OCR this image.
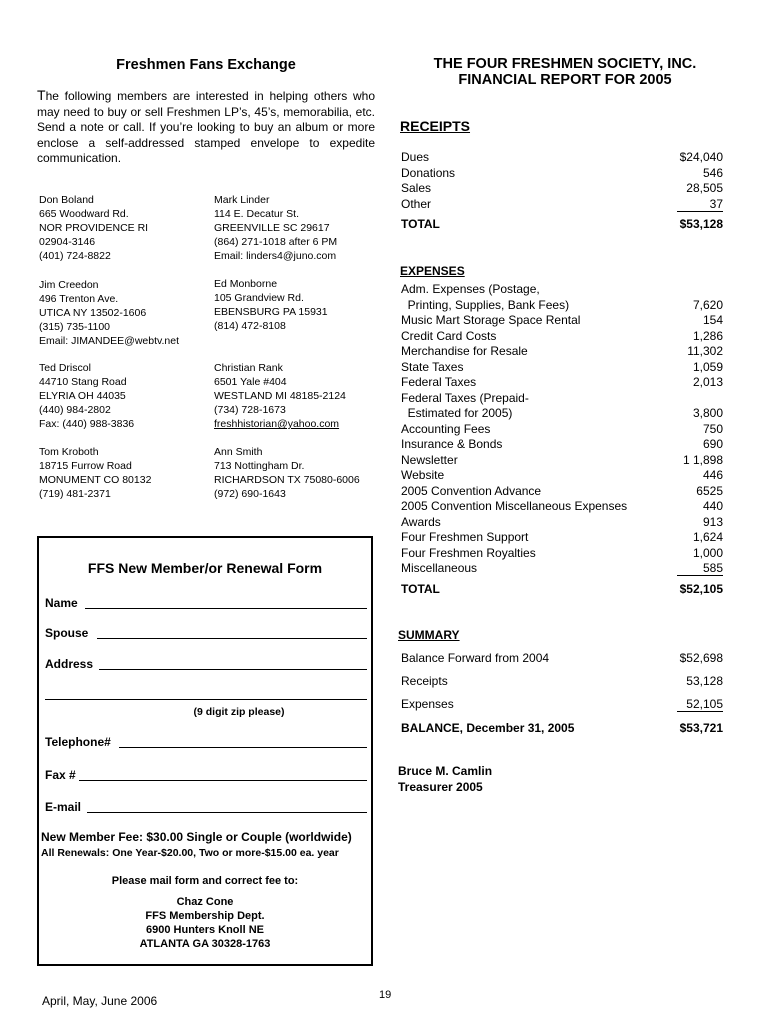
Freshmen Fans Exchange
The following members are interested in helping others who may need to buy or sell Freshmen LP’s, 45’s, memorabilia, etc. Send a note or call. If you’re looking to buy an album or more enclose a self-addressed stamped envelope to expedite communication.
Don Boland
665 Woodward Rd.
NOR PROVIDENCE RI
02904-3146
(401) 724-8822
Jim Creedon
496 Trenton Ave.
UTICA NY 13502-1606
(315) 735-1100
Email: JIMANDEE@webtv.net
Ted Driscol
44710 Stang Road
ELYRIA OH 44035
(440) 984-2802
Fax: (440) 988-3836
Tom Kroboth
18715 Furrow Road
MONUMENT CO 80132
(719) 481-2371
Mark Linder
114 E. Decatur St.
GREENVILLE SC 29617
(864) 271-1018 after 6 PM
Email: linders4@juno.com
Ed Monborne
105 Grandview Rd.
EBENSBURG PA 15931
(814) 472-8108
Christian Rank
6501 Yale #404
WESTLAND MI 48185-2124
(734) 728-1673
freshhistorian@yahoo.com
Ann Smith
713 Nottingham Dr.
RICHARDSON TX 75080-6006
(972) 690-1643
FFS New Member/or Renewal Form
Name
Spouse
Address
(9 digit zip please)
Telephone#
Fax #
E-mail
New Member Fee: $30.00 Single or Couple (worldwide)
All Renewals: One Year-$20.00, Two or more-$15.00 ea. year
Please mail form and correct fee to:
Chaz Cone
FFS Membership Dept.
6900 Hunters Knoll NE
ATLANTA GA 30328-1763
THE FOUR FRESHMEN SOCIETY, INC.
FINANCIAL REPORT FOR 2005
RECEIPTS
Dues	$24,040
Donations	546
Sales	28,505
Other	37
TOTAL	$53,128
EXPENSES
Adm. Expenses (Postage,
Printing, Supplies, Bank Fees)	7,620
Music Mart Storage Space Rental	154
Credit Card Costs	1,286
Merchandise for Resale	11,302
State Taxes	1,059
Federal Taxes	2,013
Federal Taxes (Prepaid-
Estimated for 2005)	3,800
Accounting Fees	750
Insurance & Bonds	690
Newsletter	1 1,898
Website	446
2005 Convention Advance	6525
2005 Convention Miscellaneous Expenses	440
Awards	913
Four Freshmen Support	1,624
Four Freshmen Royalties	1,000
Miscellaneous	585
TOTAL	$52,105
SUMMARY
Balance Forward from 2004	$52,698
Receipts	53,128
Expenses	52,105
BALANCE, December 31, 2005	$53,721
Bruce M. Camlin
Treasurer 2005
April, May, June 2006	19
